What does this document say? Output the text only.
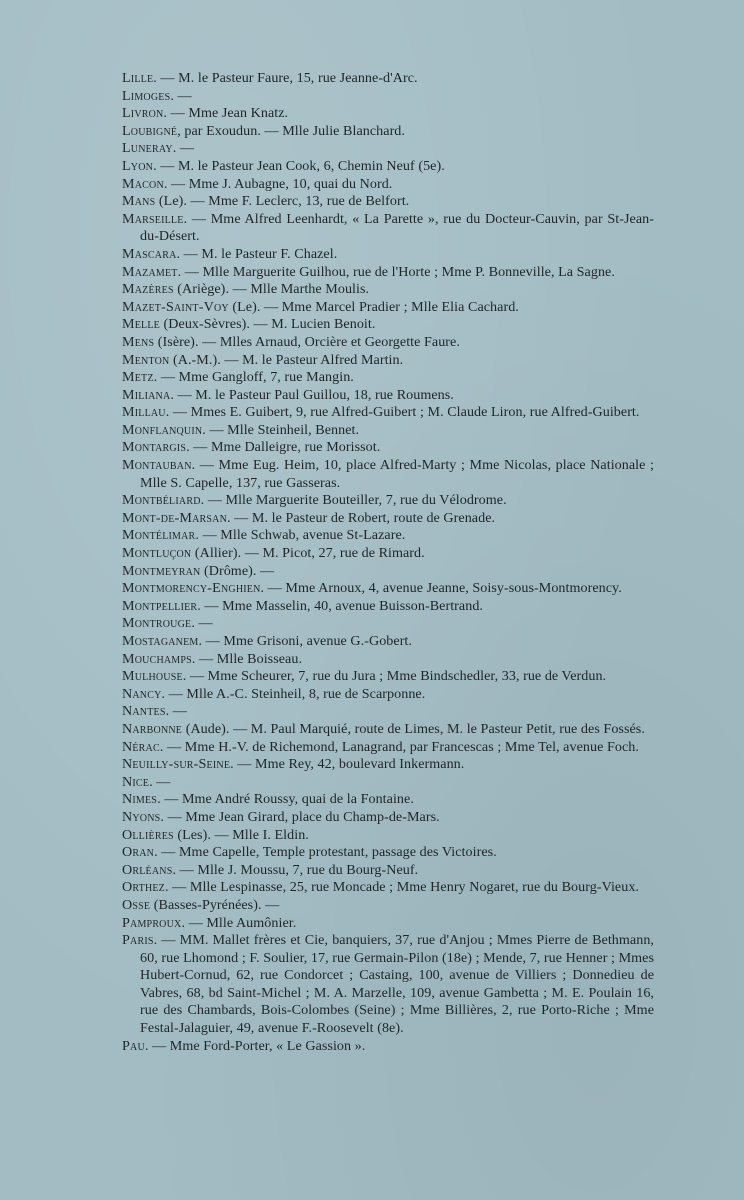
Lille. — M. le Pasteur Faure, 15, rue Jeanne-d'Arc.
Limoges. —
Livron. — Mme Jean Knatz.
Loubigné, par Exoudun. — Mlle Julie Blanchard.
Luneray. —
Lyon. — M. le Pasteur Jean Cook, 6, Chemin Neuf (5e).
Macon. — Mme J. Aubagne, 10, quai du Nord.
Mans (Le). — Mme F. Leclerc, 13, rue de Belfort.
Marseille. — Mme Alfred Leenhardt, « La Parette », rue du Docteur-Cauvin, par St-Jean-du-Désert.
Mascara. — M. le Pasteur F. Chazel.
Mazamet. — Mlle Marguerite Guilhou, rue de l'Horte ; Mme P. Bonneville, La Sagne.
Mazères (Ariège). — Mlle Marthe Moulis.
Mazet-Saint-Voy (Le). — Mme Marcel Pradier ; Mlle Elia Cachard.
Melle (Deux-Sèvres). — M. Lucien Benoit.
Mens (Isère). — Mlles Arnaud, Orcière et Georgette Faure.
Menton (A.-M.). — M. le Pasteur Alfred Martin.
Metz. — Mme Gangloff, 7, rue Mangin.
Miliana. — M. le Pasteur Paul Guillou, 18, rue Roumens.
Millau. — Mmes E. Guibert, 9, rue Alfred-Guibert ; M. Claude Liron, rue Alfred-Guibert.
Monflanquin. — Mlle Steinheil, Bennet.
Montargis. — Mme Dalleigre, rue Morissot.
Montauban. — Mme Eug. Heim, 10, place Alfred-Marty ; Mme Nicolas, place Nationale ; Mlle S. Capelle, 137, rue Gasseras.
Montbéliard. — Mlle Marguerite Bouteiller, 7, rue du Vélodrome.
Mont-de-Marsan. — M. le Pasteur de Robert, route de Grenade.
Montélimar. — Mlle Schwab, avenue St-Lazare.
Montluçon (Allier). — M. Picot, 27, rue de Rimard.
Montmeyran (Drôme). —
Montmorency-Enghien. — Mme Arnoux, 4, avenue Jeanne, Soisy-sous-Montmorency.
Montpellier. — Mme Masselin, 40, avenue Buisson-Bertrand.
Montrouge. —
Mostaganem. — Mme Grisoni, avenue G.-Gobert.
Mouchamps. — Mlle Boisseau.
Mulhouse. — Mme Scheurer, 7, rue du Jura ; Mme Bindschedler, 33, rue de Verdun.
Nancy. — Mlle A.-C. Steinheil, 8, rue de Scarponne.
Nantes. —
Narbonne (Aude). — M. Paul Marquié, route de Limes, M. le Pasteur Petit, rue des Fossés.
Nérac. — Mme H.-V. de Richemond, Lanagrand, par Francescas ; Mme Tel, avenue Foch.
Neuilly-sur-Seine. — Mme Rey, 42, boulevard Inkermann.
Nice. —
Nimes. — Mme André Roussy, quai de la Fontaine.
Nyons. — Mme Jean Girard, place du Champ-de-Mars.
Ollières (Les). — Mlle I. Eldin.
Oran. — Mme Capelle, Temple protestant, passage des Victoires.
Orléans. — Mlle J. Moussu, 7, rue du Bourg-Neuf.
Orthez. — Mlle Lespinasse, 25, rue Moncade ; Mme Henry Nogaret, rue du Bourg-Vieux.
Osse (Basses-Pyrénées). —
Pamproux. — Mlle Aumônier.
Paris. — MM. Mallet frères et Cie, banquiers, 37, rue d'Anjou ; Mmes Pierre de Bethmann, 60, rue Lhomond ; F. Soulier, 17, rue Germain-Pilon (18e) ; Mende, 7, rue Henner ; Mmes Hubert-Cornud, 62, rue Condorcet ; Castaing, 100, avenue de Villiers ; Donnedieu de Vabres, 68, bd Saint-Michel ; M. A. Marzelle, 109, avenue Gambetta ; M. E. Poulain 16, rue des Chambards, Bois-Colombes (Seine) ; Mme Billières, 2, rue Porto-Riche ; Mme Festal-Jalaguier, 49, avenue F.-Roosevelt (8e).
Pau. — Mme Ford-Porter, « Le Gassion ».
